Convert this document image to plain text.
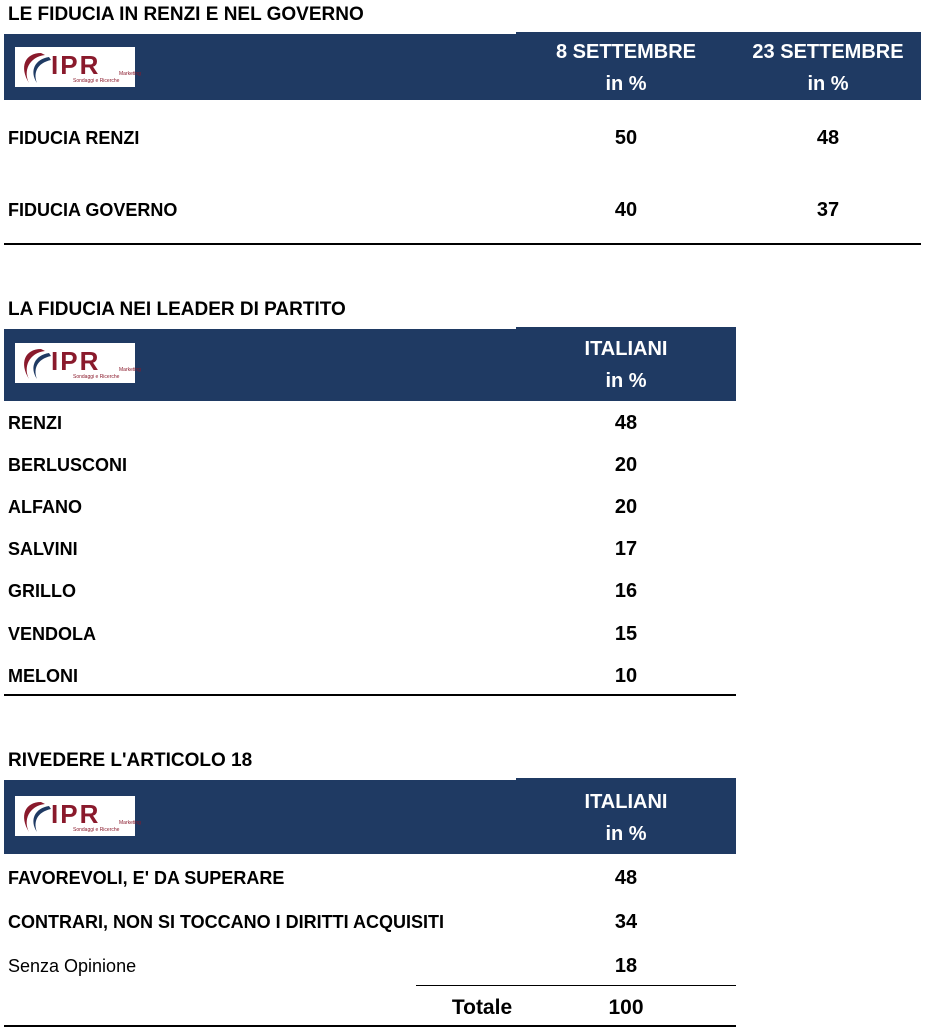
LE FIDUCIA IN RENZI E NEL GOVERNO
IPR	Marketing
Sondaggi e Ricerche
8 SETTEMBRE
in %
23 SETTEMBRE
in %
FIDUCIA RENZI	50	48
FIDUCIA GOVERNO	40	37
LA FIDUCIA NEI LEADER DI PARTITO
IPR	Marketing
Sondaggi e Ricerche
ITALIANI
in %
RENZI	48
BERLUSCONI	20
ALFANO	20
SALVINI	17
GRILLO	16
VENDOLA	15
MELONI	10
RIVEDERE L'ARTICOLO 18
IPR	Marketing
Sondaggi e Ricerche
ITALIANI
in %
FAVOREVOLI, E' DA SUPERARE	48
CONTRARI, NON SI TOCCANO I DIRITTI ACQUISITI	34
Senza Opinione	18
Totale	100
